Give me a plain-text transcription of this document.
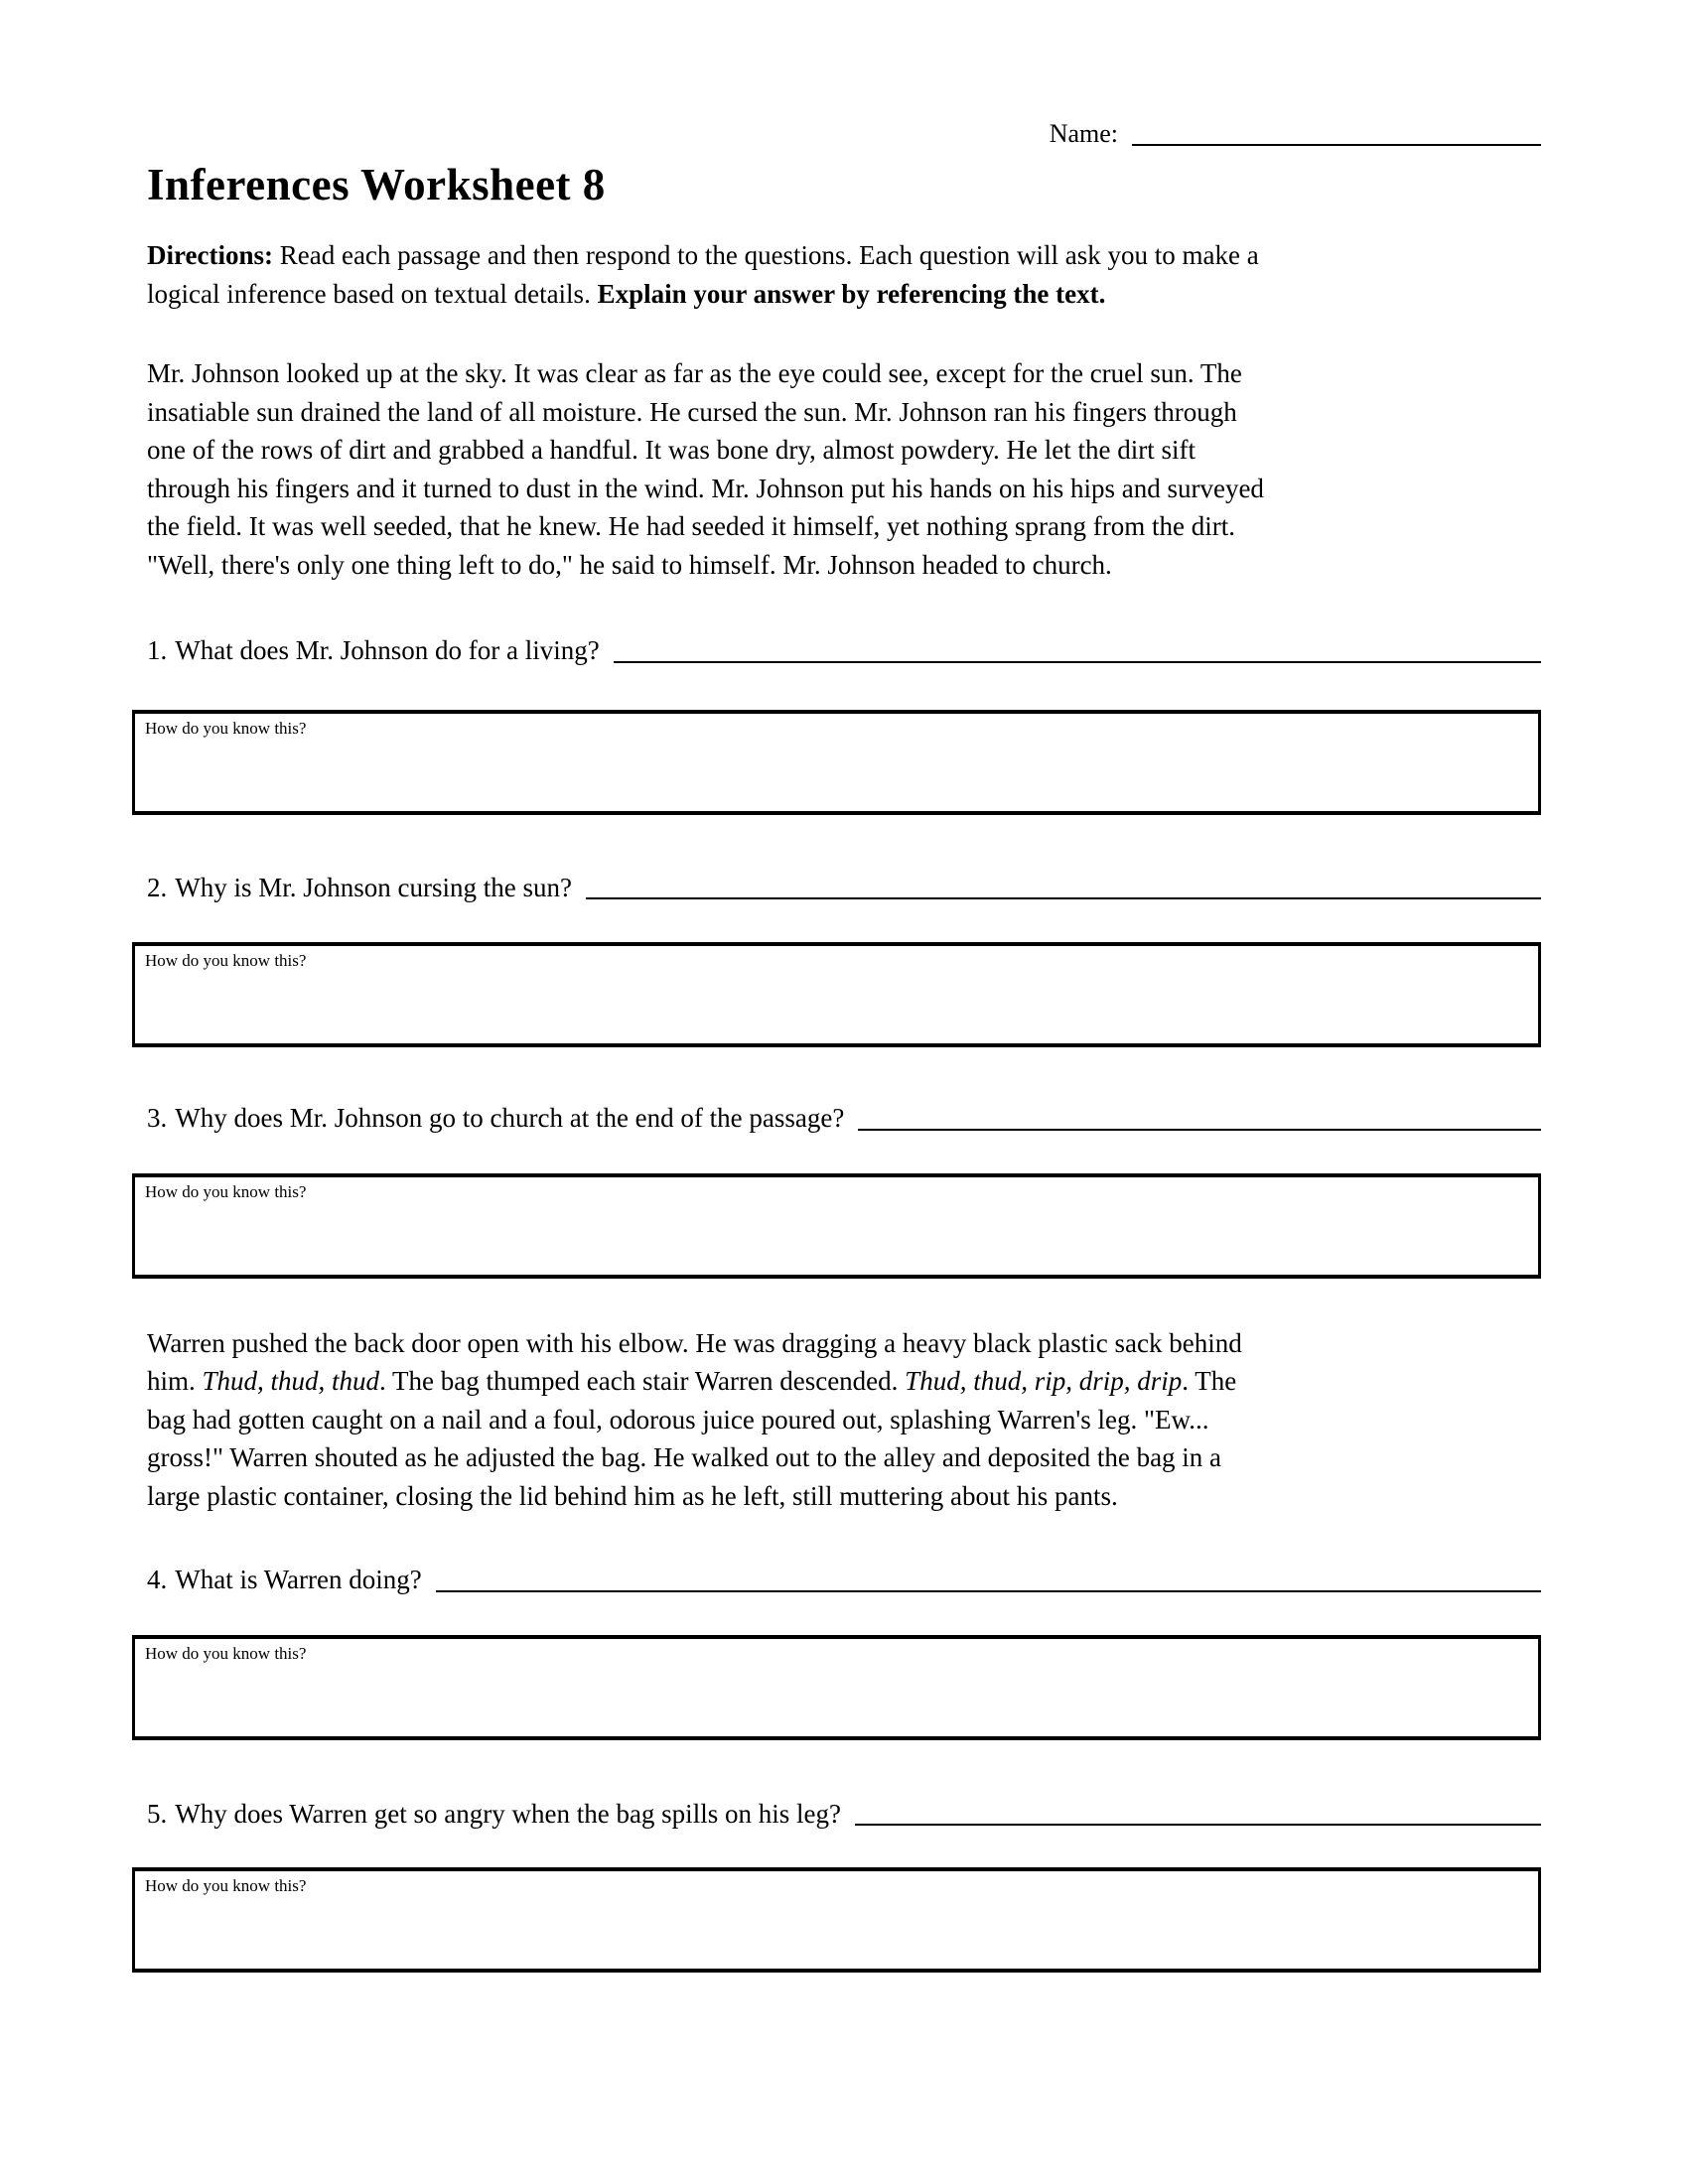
Name:
Inferences Worksheet 8
Directions: Read each passage and then respond to the questions. Each question will ask you to make a
logical inference based on textual details. Explain your answer by referencing the text.
Mr. Johnson looked up at the sky. It was clear as far as the eye could see, except for the cruel sun. The
insatiable sun drained the land of all moisture. He cursed the sun. Mr. Johnson ran his fingers through
one of the rows of dirt and grabbed a handful. It was bone dry, almost powdery. He let the dirt sift
through his fingers and it turned to dust in the wind. Mr. Johnson put his hands on his hips and surveyed
the field. It was well seeded, that he knew. He had seeded it himself, yet nothing sprang from the dirt.
"Well, there's only one thing left to do," he said to himself. Mr. Johnson headed to church.
1. What does Mr. Johnson do for a living?
How do you know this?
2. Why is Mr. Johnson cursing the sun?
How do you know this?
3. Why does Mr. Johnson go to church at the end of the passage?
How do you know this?
Warren pushed the back door open with his elbow. He was dragging a heavy black plastic sack behind
him. Thud, thud, thud. The bag thumped each stair Warren descended. Thud, thud, rip, drip, drip. The
bag had gotten caught on a nail and a foul, odorous juice poured out, splashing Warren's leg. "Ew...
gross!" Warren shouted as he adjusted the bag. He walked out to the alley and deposited the bag in a
large plastic container, closing the lid behind him as he left, still muttering about his pants.
4. What is Warren doing?
How do you know this?
5. Why does Warren get so angry when the bag spills on his leg?
How do you know this?
